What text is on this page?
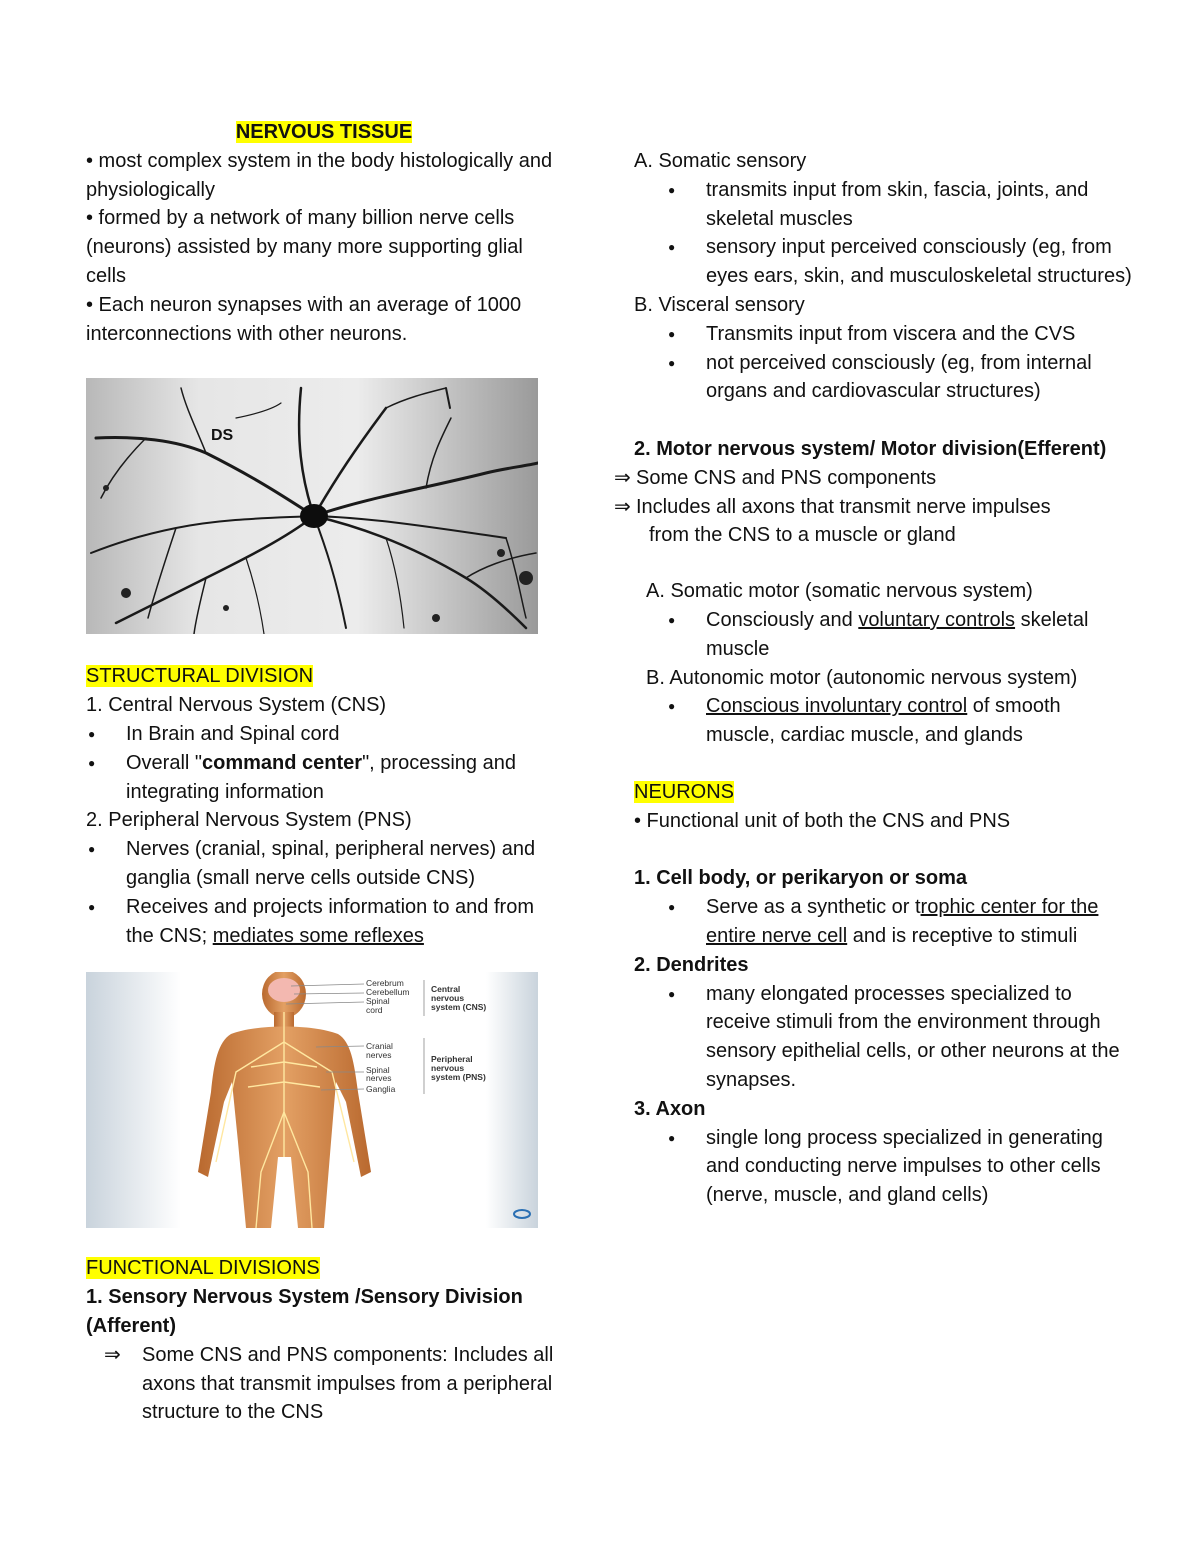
NERVOUS TISSUE

• most complex system in the body histologically and physiologically

• formed by a network of many billion nerve cells (neurons) assisted by many more supporting glial cells

• Each neuron synapses with an average of 1000 interconnections with other neurons.

DS

STRUCTURAL DIVISION

1. Central Nervous System (CNS)

● In Brain and Spinal cord
● Overall "command center", processing and integrating information

2. Peripheral Nervous System (PNS)

● Nerves (cranial, spinal, peripheral nerves) and ganglia (small nerve cells outside CNS)
● Receives and projects information to and from the CNS; mediates some reflexes
Cerebrum
Cerebellum
Spinal
cord
Cranial
nerves
Spinal
nerves
Ganglia
Central
nervous
system (CNS)
Peripheral
nervous
system (PNS)

FUNCTIONAL DIVISIONS

1. Sensory Nervous System /Sensory Division (Afferent)

⇒ Some CNS and PNS components: Includes all axons that transmit impulses from a peripheral structure to the CNS

A. Somatic sensory

● transmits input from skin, fascia, joints, and skeletal muscles
● sensory input perceived consciously (eg, from eyes ears, skin, and musculoskeletal structures)

B. Visceral sensory

● Transmits input from viscera and the CVS
● not perceived consciously (eg, from internal organs and cardiovascular structures)

2. Motor nervous system/ Motor division(Efferent)

⇒ Some CNS and PNS components

⇒ Includes all axons that transmit nerve impulses

from the CNS to a muscle or gland

A. Somatic motor (somatic nervous system)

● Consciously and voluntary controls skeletal muscle

B. Autonomic motor (autonomic nervous system)

● Conscious involuntary control of smooth muscle, cardiac muscle, and glands

NEURONS

• Functional unit of both the CNS and PNS

1. Cell body, or perikaryon or soma

● Serve as a synthetic or trophic center for the entire nerve cell and is receptive to stimuli

2. Dendrites

● many elongated processes specialized to receive stimuli from the environment through sensory epithelial cells, or other neurons at the synapses.

3. Axon

● single long process specialized in generating and conducting nerve impulses to other cells (nerve, muscle, and gland cells)
